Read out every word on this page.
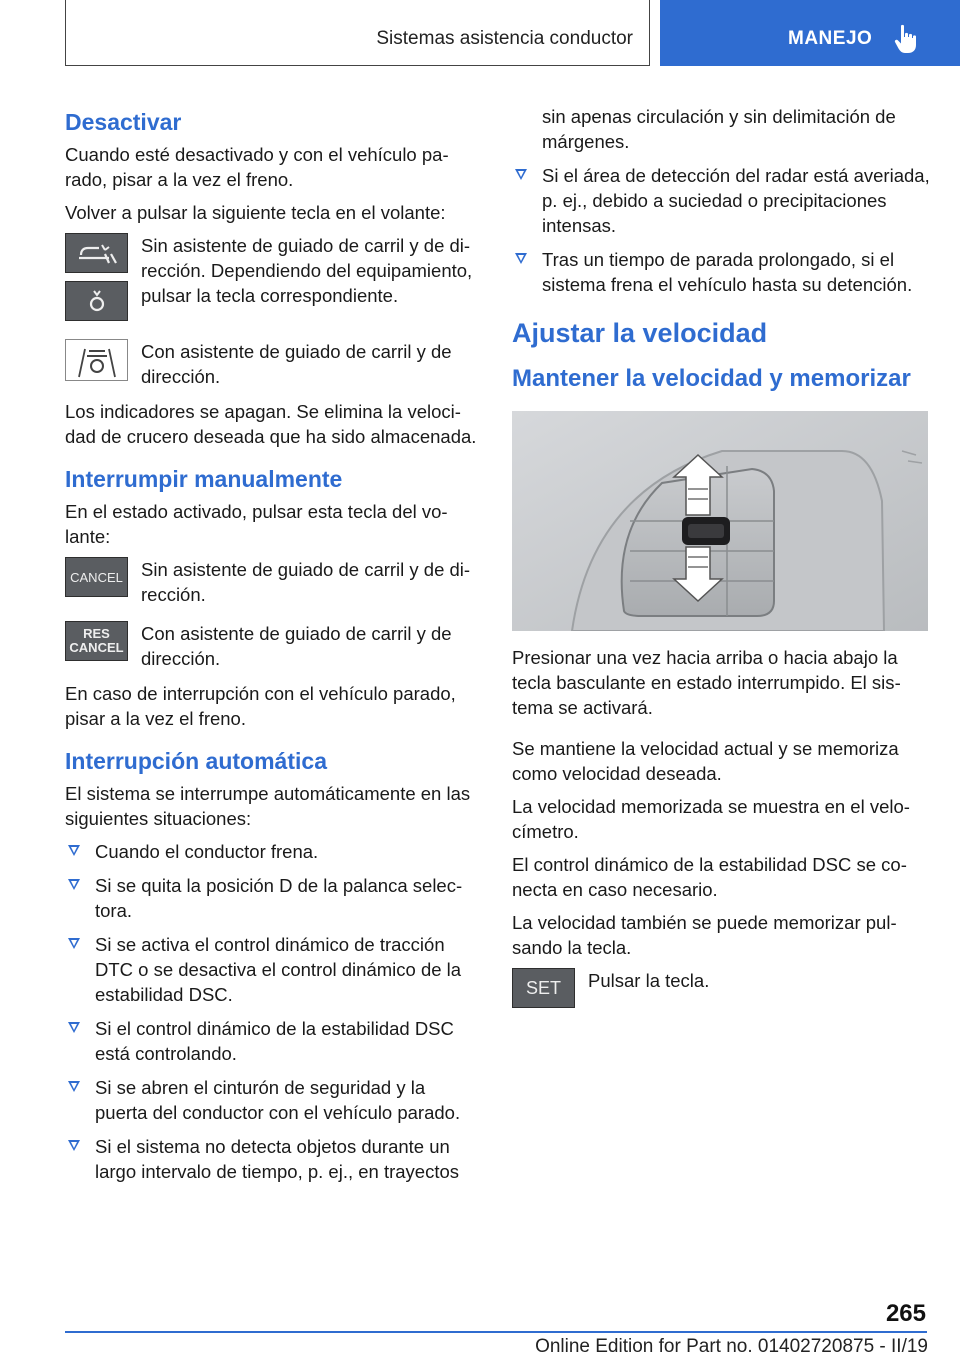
Sistemas asistencia conductor	MANEJO
Desactivar

Cuando esté desactivado y con el vehículo parado, pisar a la vez el freno.

Volver a pulsar la siguiente tecla en el volante:

Sin asistente de guiado de carril y de dirección. Dependiendo del equipamiento, pulsar la tecla correspondiente.
Con asistente de guiado de carril y de dirección.

Los indicadores se apagan. Se elimina la velocidad de crucero deseada que ha sido almacenada.

Interrumpir manualmente

En el estado activado, pulsar esta tecla del volante:

CANCEL Sin asistente de guiado de carril y de dirección.
RES
CANCEL
Con asistente de guiado de carril y de dirección.

En caso de interrupción con el vehículo parado, pisar a la vez el freno.

Interrupción automática

El sistema se interrumpe automáticamente en las siguientes situaciones:

Cuando el conductor frena.
Si se quita la posición D de la palanca selectora.
Si se activa el control dinámico de tracción DTC o se desactiva el control dinámico de la estabilidad DSC.
Si el control dinámico de la estabilidad DSC está controlando.
Si se abren el cinturón de seguridad y la puerta del conductor con el vehículo parado.
Si el sistema no detecta objetos durante un largo intervalo de tiempo, p. ej., en trayectos
sin apenas circulación y sin delimitación de márgenes.
Si el área de detección del radar está averiada, p. ej., debido a suciedad o precipitaciones intensas.
Tras un tiempo de parada prolongado, si el sistema frena el vehículo hasta su detención.
Ajustar la velocidad
Mantener la velocidad y memorizar

Presionar una vez hacia arriba o hacia abajo la tecla basculante en estado interrumpido. El sistema se activará.

Se mantiene la velocidad actual y se memoriza como velocidad deseada.

La velocidad memorizada se muestra en el velocímetro.

El control dinámico de la estabilidad DSC se conecta en caso necesario.

La velocidad también se puede memorizar pulsando la tecla.

SET	Pulsar la tecla.
265
Online Edition for Part no. 01402720875 - II/19
